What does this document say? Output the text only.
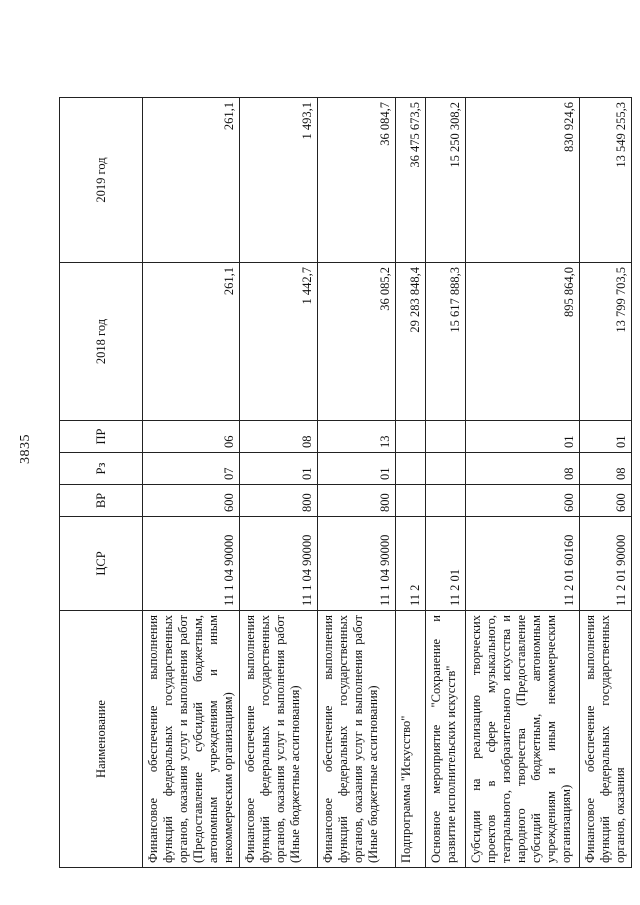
3835
Наименование	ЦСР	ВР	Рз	ПР	2018 год	2019 год
Финансовое обеспечение выполнения функций федеральных государственных органов, оказания услуг и выполнения работ (Предоставление субсидий бюджетным, автономным учреждениям и иным некоммерческим организациям)	11 1 04 90000	600	07	06	261,1	261,1
Финансовое обеспечение выполнения функций федеральных государственных органов, оказания услуг и выполнения работ (Иные бюджетные ассигнования)	11 1 04 90000	800	01	08	1 442,7	1 493,1
Финансовое обеспечение выполнения функций федеральных государственных органов, оказания услуг и выполнения работ (Иные бюджетные ассигнования)	11 1 04 90000	800	01	13	36 085,2	36 084,7
Подпрограмма "Искусство"	11 2				29 283 848,4	36 475 673,5
Основное мероприятие "Сохранение и развитие исполнительских искусств"	11 2 01				15 617 888,3	15 250 308,2
Субсидии на реализацию творческих проектов в сфере музыкального, театрального, изобразительного искусства и народного творчества (Предоставление субсидий бюджетным, автономным учреждениям и иным некоммерческим организациям)	11 2 01 60160	600	08	01	895 864,0	830 924,6
Финансовое обеспечение выполнения функций федеральных государственных органов, оказания	11 2 01 90000	600	08	01	13 799 703,5	13 549 255,3
